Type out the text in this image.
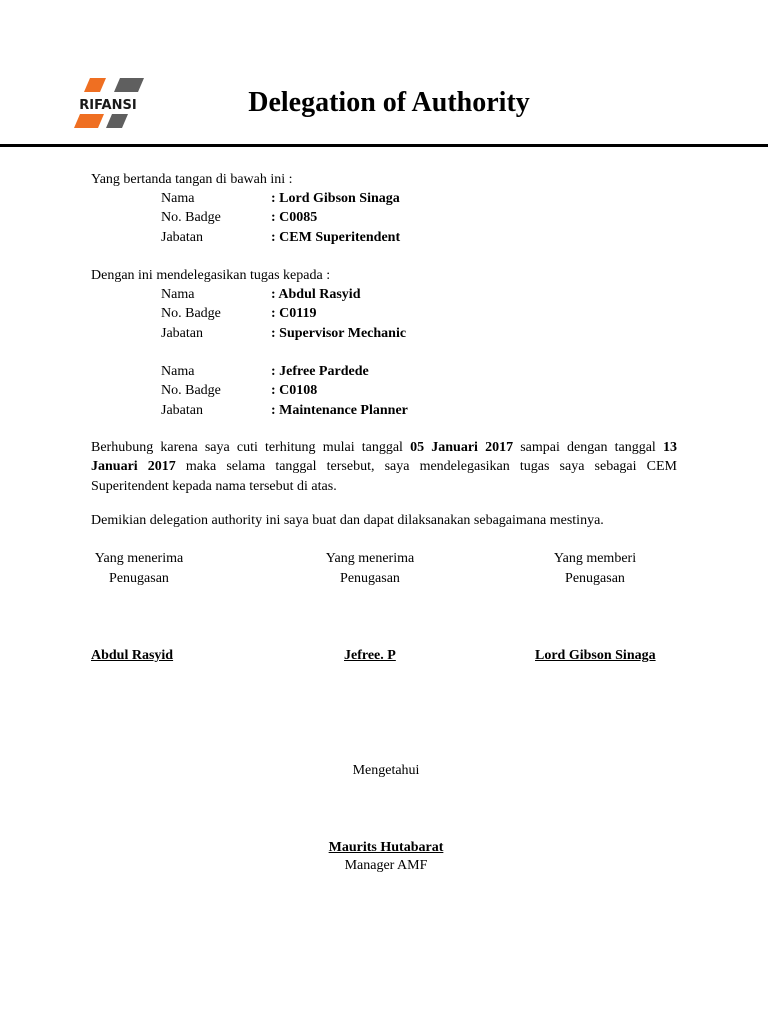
RIFANSI	Delegation of Authority
Yang bertanda tangan di bawah ini :
Nama	: Lord Gibson Sinaga
No. Badge	: C0085
Jabatan	: CEM Superitendent
Dengan ini mendelegasikan tugas kepada :
Nama	: Abdul Rasyid
No. Badge	: C0119
Jabatan	: Supervisor Mechanic
Nama	: Jefree Pardede
No. Badge	: C0108
Jabatan	: Maintenance Planner
Berhubung karena saya cuti terhitung mulai tanggal 05 Januari 2017 sampai dengan tanggal 13 Januari 2017 maka selama tanggal tersebut, saya mendelegasikan tugas saya sebagai CEM Superitendent kepada nama tersebut di atas.
Demikian delegation authority ini saya buat dan dapat dilaksanakan sebagaimana mestinya.
Yang menerima
Penugasan
Yang menerima
Penugasan
Yang memberi
Penugasan
Abdul Rasyid	Jefree. P	Lord Gibson Sinaga
Mengetahui
Maurits Hutabarat
Manager AMF
